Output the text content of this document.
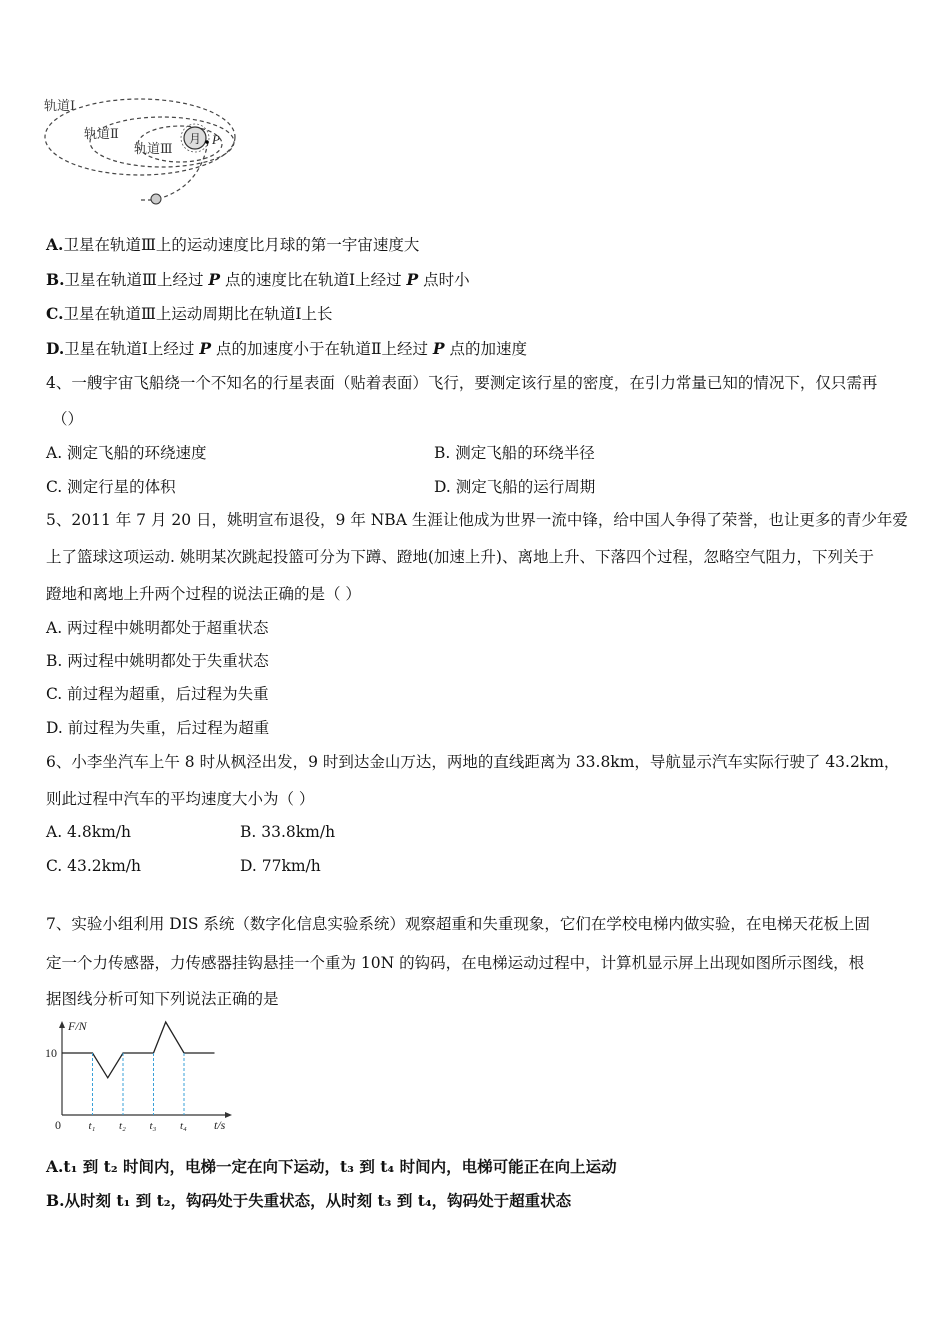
轨道Ⅰ
轨道Ⅱ
轨道Ⅲ
月 P
A.卫星在轨道Ⅲ上的运动速度比月球的第一宇宙速度大
B.卫星在轨道Ⅲ上经过 P 点的速度比在轨道Ⅰ上经过 P 点时小
C.卫星在轨道Ⅲ上运动周期比在轨道Ⅰ上长
D.卫星在轨道Ⅰ上经过 P 点的加速度小于在轨道Ⅱ上经过 P 点的加速度
4、一艘宇宙飞船绕一个不知名的行星表面（贴着表面）飞行，要测定该行星的密度，在引力常量已知的情况下，仅只需再
（）
A. 测定飞船的环绕速度	B. 测定飞船的环绕半径
C. 测定行星的体积	D. 测定飞船的运行周期
5、2011 年 7 月 20 日，姚明宣布退役，9 年 NBA 生涯让他成为世界一流中锋，给中国人争得了荣誉，也让更多的青少年爱
上了篮球这项运动. 姚明某次跳起投篮可分为下蹲、蹬地(加速上升)、离地上升、下落四个过程，忽略空气阻力，下列关于
蹬地和离地上升两个过程的说法正确的是（ ）
A. 两过程中姚明都处于超重状态
B. 两过程中姚明都处于失重状态
C. 前过程为超重，后过程为失重
D. 前过程为失重，后过程为超重
6、小李坐汽车上午 8 时从枫泾出发，9 时到达金山万达，两地的直线距离为 33.8km，导航显示汽车实际行驶了 43.2km，
则此过程中汽车的平均速度大小为（ ）
A. 4.8km/h	B. 33.8km/h
C. 43.2km/h	D. 77km/h
7、实验小组利用 DIS 系统（数字化信息实验系统）观察超重和失重现象，它们在学校电梯内做实验，在电梯天花板上固
定一个力传感器，力传感器挂钩悬挂一个重为 10N 的钩码，在电梯运动过程中，计算机显示屏上出现如图所示图线，根
据图线分析可知下列说法正确的是
F/N
t/s
0
10
t₁ t₂ t₃ t₄
A.t₁ 到 t₂ 时间内，电梯一定在向下运动，t₃ 到 t₄ 时间内，电梯可能正在向上运动
B.从时刻 t₁ 到 t₂，钩码处于失重状态，从时刻 t₃ 到 t₄，钩码处于超重状态
